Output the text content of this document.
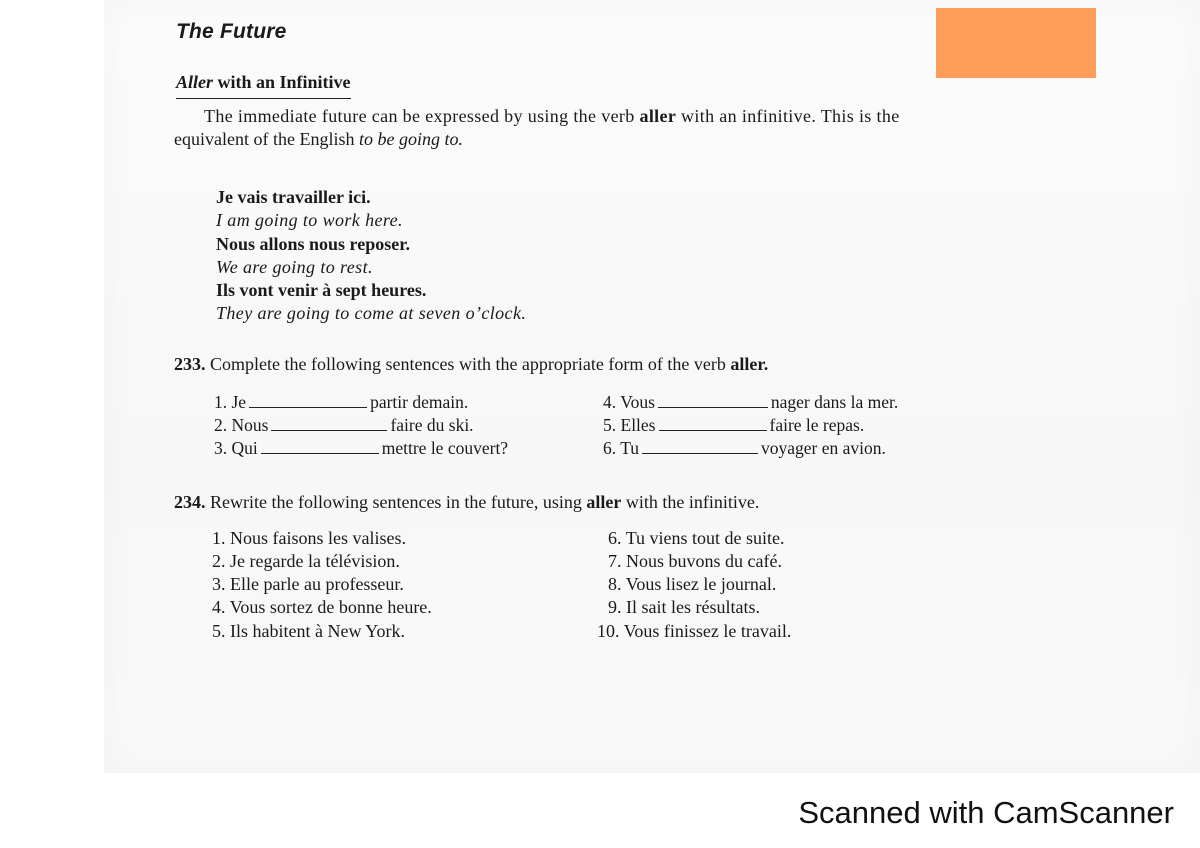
The Future
Aller with an Infinitive
The immediate future can be expressed by using the verb aller with an infinitive. This is the
equivalent of the English to be going to.
Je vais travailler ici.
I am going to work here.
Nous allons nous reposer.
We are going to rest.
Ils vont venir à sept heures.
They are going to come at seven o’clock.
233. Complete the following sentences with the appropriate form of the verb aller.
1. Je	partir demain.
2. Nous	faire du ski.
3. Qui	mettre le couvert?
4. Vous	nager dans la mer.
5. Elles	faire le repas.
6. Tu	voyager en avion.
234. Rewrite the following sentences in the future, using aller with the infinitive.
1. Nous faisons les valises.
2. Je regarde la télévision.
3. Elle parle au professeur.
4. Vous sortez de bonne heure.
5. Ils habitent à New York.
6. Tu viens tout de suite.
7. Nous buvons du café.
8. Vous lisez le journal.
9. Il sait les résultats.
10. Vous finissez le travail.
Scanned with CamScanner
